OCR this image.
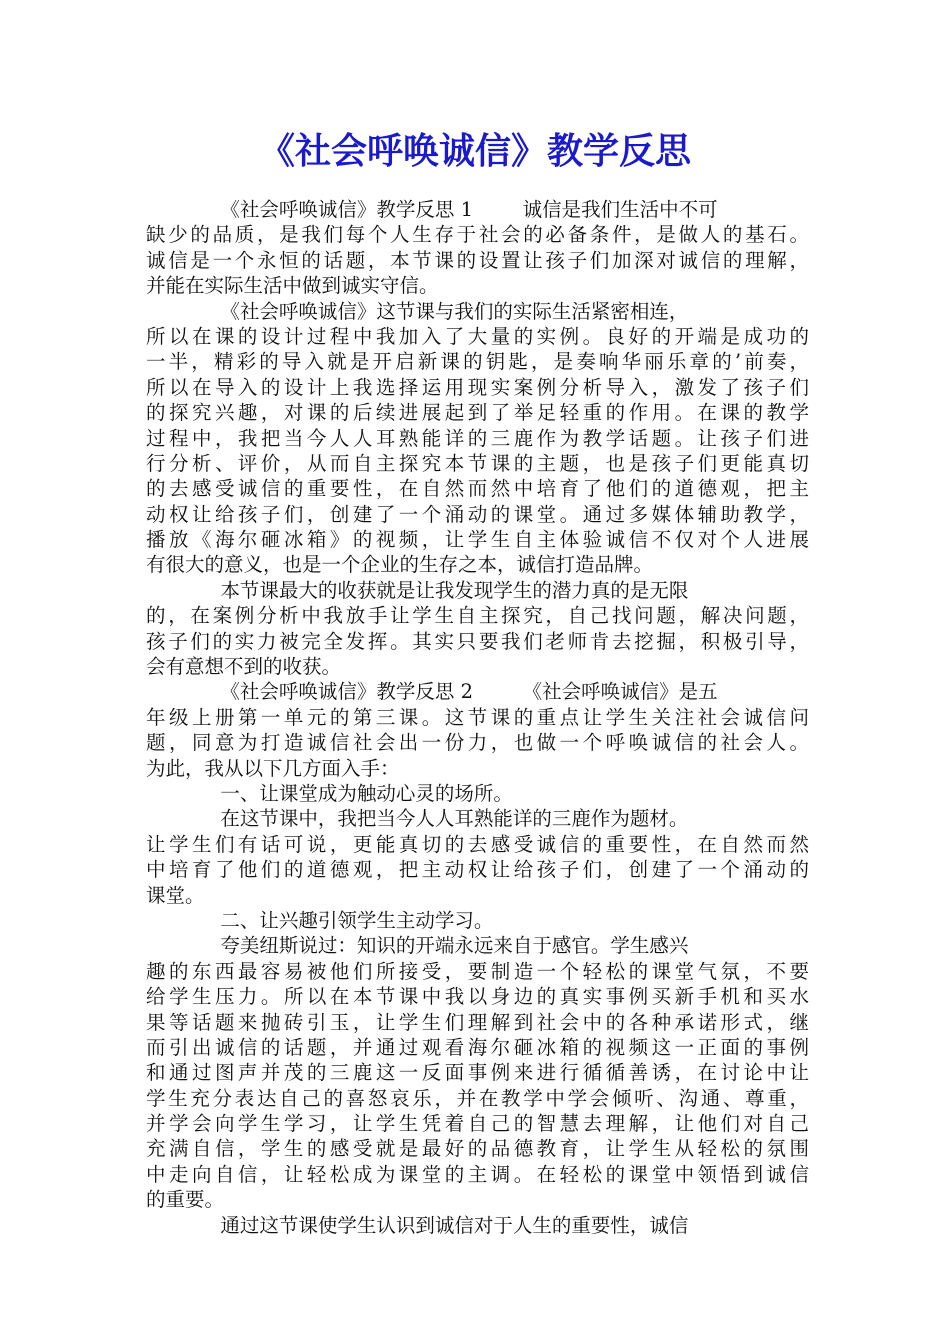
《社会呼唤诚信》教学反思
《社会呼唤诚信》教学反思 1        诚信是我们生活中不可
缺少的品质，是我们每个人生存于社会的必备条件，是做人的基石。
诚信是一个永恒的话题，本节课的设置让孩子们加深对诚信的理解，
并能在实际生活中做到诚实守信。
《社会呼唤诚信》这节课与我们的实际生活紧密相连，
所以在课的设计过程中我加入了大量的实例。良好的开端是成功的
一半，精彩的导入就是开启新课的钥匙，是奏响华丽乐章的’前奏，
所以在导入的设计上我选择运用现实案例分析导入，激发了孩子们
的探究兴趣，对课的后续进展起到了举足轻重的作用。在课的教学
过程中，我把当今人人耳熟能详的三鹿作为教学话题。让孩子们进
行分析、评价，从而自主探究本节课的主题，也是孩子们更能真切
的去感受诚信的重要性，在自然而然中培育了他们的道德观，把主
动权让给孩子们，创建了一个涌动的课堂。通过多媒体辅助教学，
播放《海尔砸冰箱》的视频，让学生自主体验诚信不仅对个人进展
有很大的意义，也是一个企业的生存之本，诚信打造品牌。
本节课最大的收获就是让我发现学生的潜力真的是无限
的，在案例分析中我放手让学生自主探究，自己找问题，解决问题，
孩子们的实力被完全发挥。其实只要我们老师肯去挖掘，积极引导，
会有意想不到的收获。
《社会呼唤诚信》教学反思 2        《社会呼唤诚信》是五
年级上册第一单元的第三课。这节课的重点让学生关注社会诚信问
题，同意为打造诚信社会出一份力，也做一个呼唤诚信的社会人。
为此，我从以下几方面入手：
一、让课堂成为触动心灵的场所。
在这节课中，我把当今人人耳熟能详的三鹿作为题材。
让学生们有话可说，更能真切的去感受诚信的重要性，在自然而然
中培育了他们的道德观，把主动权让给孩子们，创建了一个涌动的
课堂。
二、让兴趣引领学生主动学习。
夸美纽斯说过：知识的开端永远来自于感官。学生感兴
趣的东西最容易被他们所接受，要制造一个轻松的课堂气氛，不要
给学生压力。所以在本节课中我以身边的真实事例买新手机和买水
果等话题来抛砖引玉，让学生们理解到社会中的各种承诺形式，继
而引出诚信的话题，并通过观看海尔砸冰箱的视频这一正面的事例
和通过图声并茂的三鹿这一反面事例来进行循循善诱，在讨论中让
学生充分表达自己的喜怒哀乐，并在教学中学会倾听、沟通、尊重，
并学会向学生学习，让学生凭着自己的智慧去理解，让他们对自己
充满自信，学生的感受就是最好的品德教育，让学生从轻松的氛围
中走向自信，让轻松成为课堂的主调。在轻松的课堂中领悟到诚信
的重要。
通过这节课使学生认识到诚信对于人生的重要性，诚信
